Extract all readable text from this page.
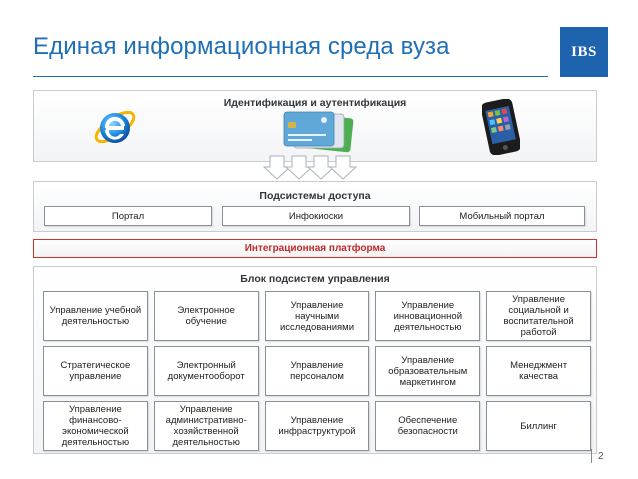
Единая информационная среда вуза	IBS
Идентификация и аутентификация
Подсистемы доступа
Портал	Инфокиоски	Мобильный портал
Интеграционная платформа
Блок подсистем управления
Управление учебной
деятельностью
Электронное
обучение
Управление
научными
исследованиями
Управление
инновационной
деятельностью
Управление
социальной и
воспитательной
работой
Стратегическое
управление
Электронный
документооборот
Управление
персоналом
Управление
образовательным
маркетингом
Менеджмент
качества
Управление
финансово-
экономической
деятельностью
Управление
административно-
хозяйственной
деятельностью
Управление
инфраструктурой
Обеспечение
безопасности	Биллинг
2
